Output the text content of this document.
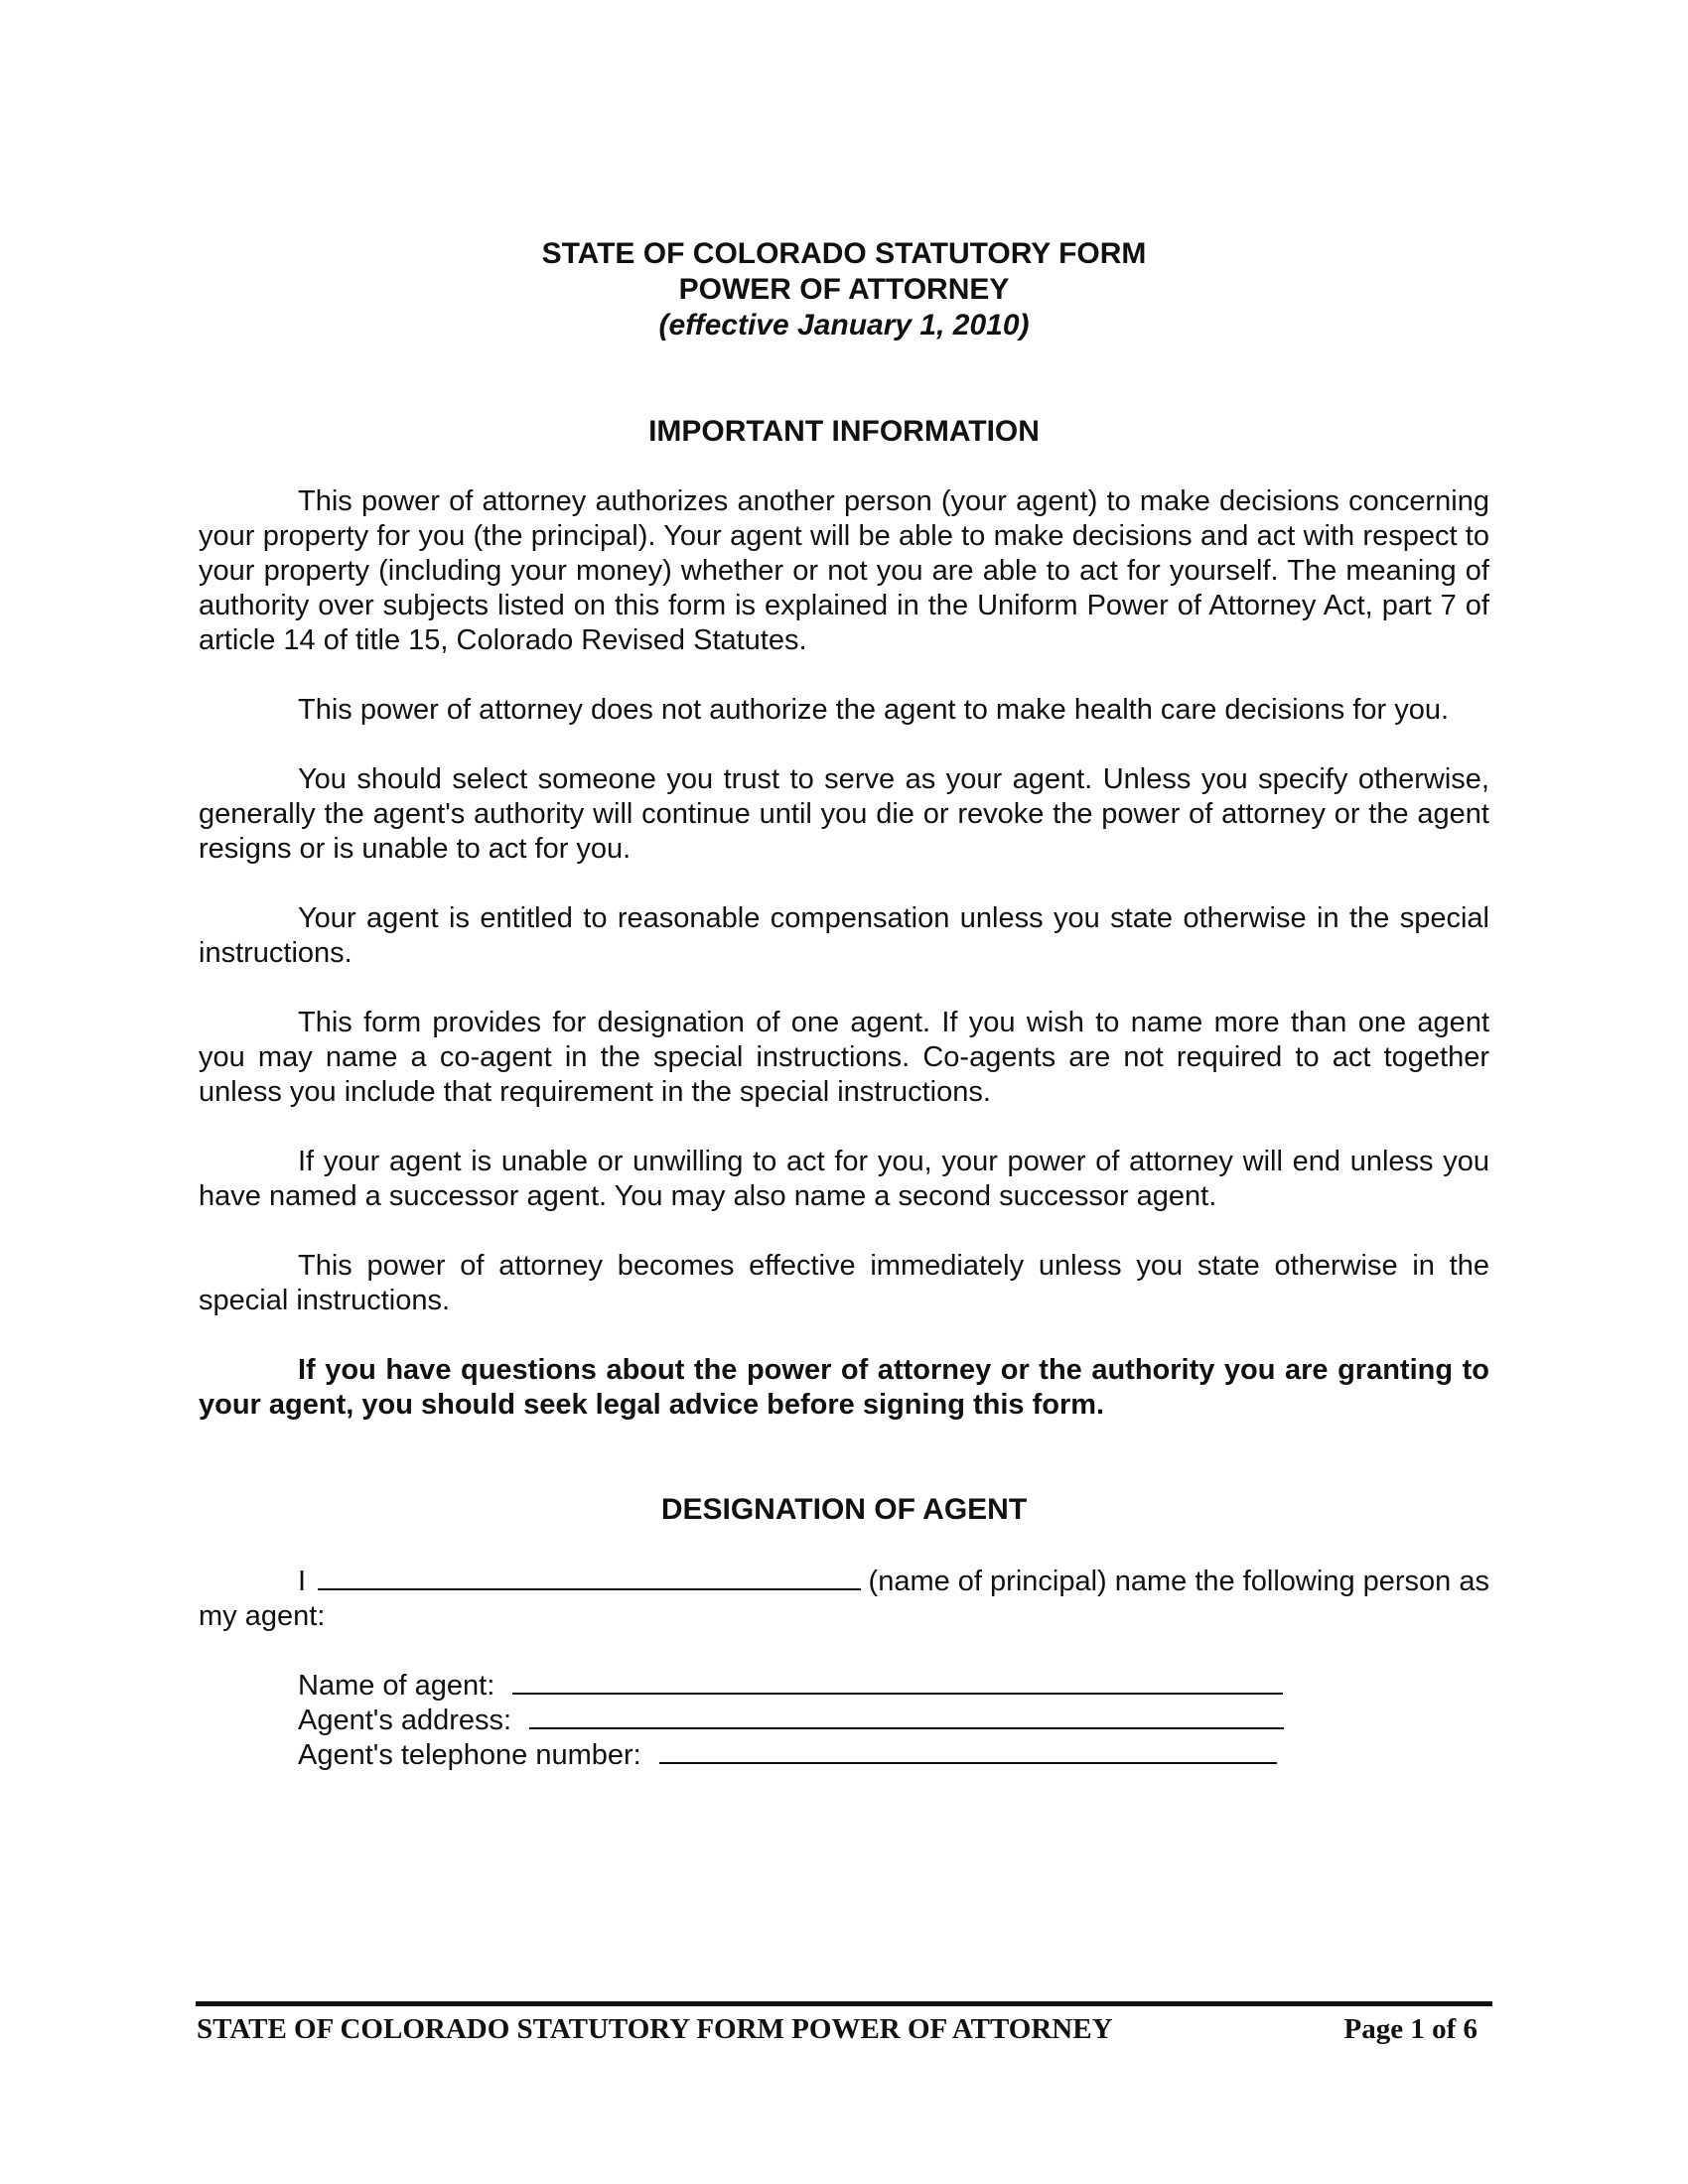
STATE OF COLORADO STATUTORY FORM
POWER OF ATTORNEY
(effective January 1, 2010)
IMPORTANT INFORMATION
This power of attorney authorizes another person (your agent) to make decisions concerning your property for you (the principal). Your agent will be able to make decisions and act with respect to your property (including your money) whether or not you are able to act for yourself. The meaning of authority over subjects listed on this form is explained in the Uniform Power of Attorney Act, part 7 of article 14 of title 15, Colorado Revised Statutes.
This power of attorney does not authorize the agent to make health care decisions for you.
You should select someone you trust to serve as your agent. Unless you specify otherwise, generally the agent's authority will continue until you die or revoke the power of attorney or the agent resigns or is unable to act for you.
Your agent is entitled to reasonable compensation unless you state otherwise in the special instructions.
This form provides for designation of one agent. If you wish to name more than one agent you may name a co-agent in the special instructions. Co-agents are not required to act together unless you include that requirement in the special instructions.
If your agent is unable or unwilling to act for you, your power of attorney will end unless you have named a successor agent. You may also name a second successor agent.
This power of attorney becomes effective immediately unless you state otherwise in the special instructions.
If you have questions about the power of attorney or the authority you are granting to your agent, you should seek legal advice before signing this form.
DESIGNATION OF AGENT
I	(name of principal) name the following person as
my agent:
Name of agent:
Agent's address:
Agent's telephone number:
STATE OF COLORADO STATUTORY FORM POWER OF ATTORNEY	Page 1 of 6
